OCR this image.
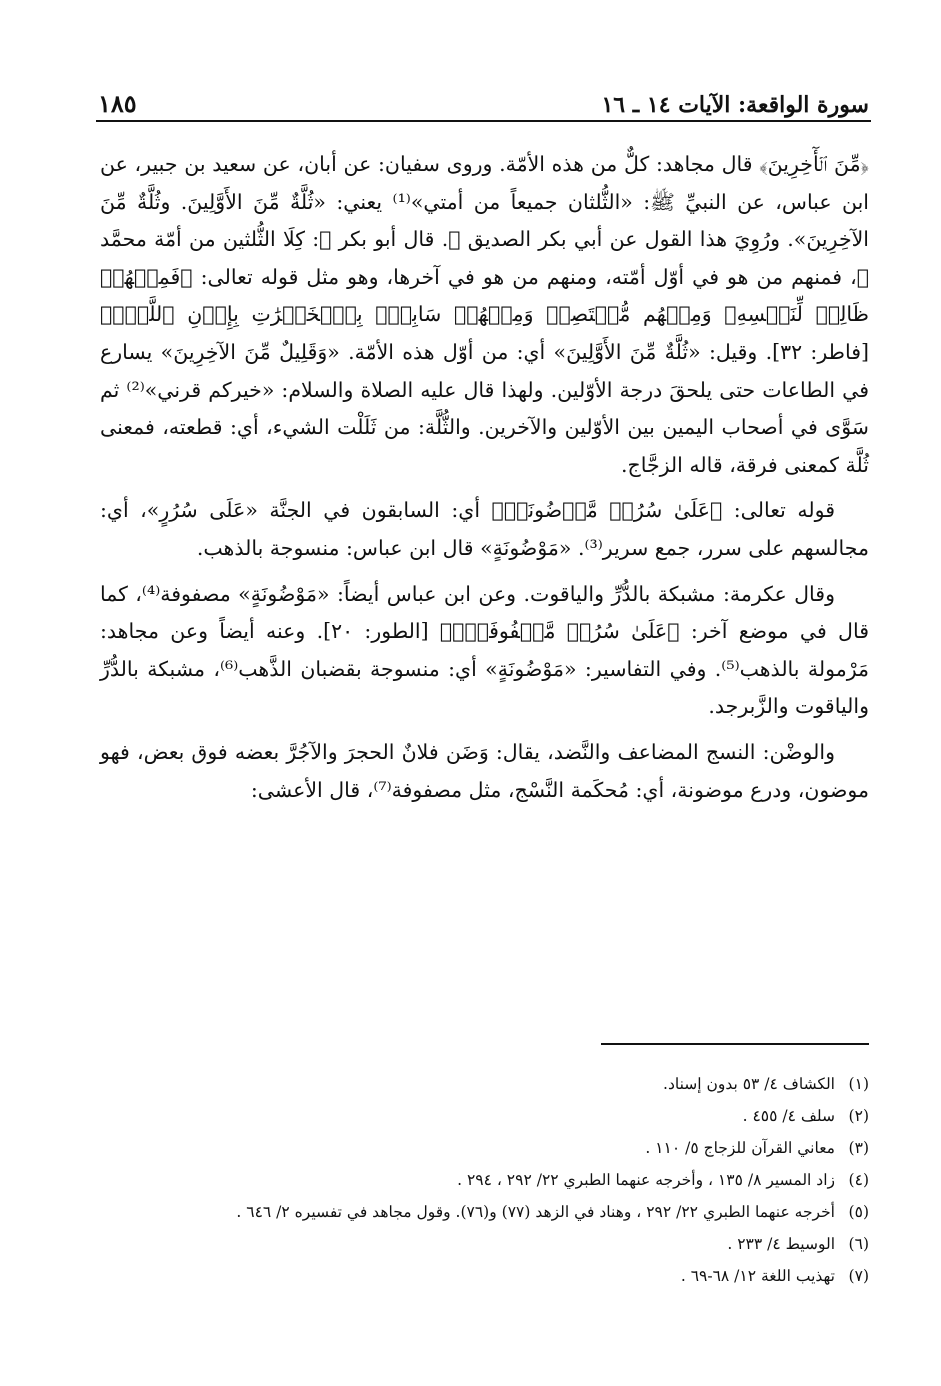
سورة الواقعة: الآيات ١٤ ـ ١٦
١٨٥

﴿مِّنَ ٱلۡأٓخِرِينَ﴾ قال مجاهد: كلٌّ من هذه الأمّة. وروى سفيان: عن أبان، عن سعيد بن جبير، عن ابن عباس، عن النبيِّ ﷺ: «الثُّلثان جميعاً من أمتي»⁽¹⁾ يعني: «ثُلَّةٌ مِّنَ الأَوَّلِينَ. وثُلَّةٌ مِّنَ الآخِرِينَ». ورُوِيَ هذا القول عن أبي بكر الصديق ﷺ. قال أبو بكر ﷺ: كِلَا الثُّلثين من أمّة محمَّد ﷺ، فمنهم من هو في أوّل أمّته، ومنهم من هو في آخرها، وهو مثل قوله تعالى: ﴿فَمِنۡهُمۡ ظَالِمٞ لِّنَفۡسِهِۦ وَمِنۡهُم مُّقۡتَصِدٞ وَمِنۡهُمۡ سَابِقُۢ بِٱلۡخَيۡرَٰتِ بِإِذۡنِ ٱللَّهِۚ﴾ [فاطر: ٣٢]. وقيل: «ثُلَّةٌ مِّنَ الأَوَّلِينَ» أي: من أوّل هذه الأمّة. «وَقَلِيلٌ مِّنَ الآخِرِينَ» يسارع في الطاعات حتى يلحقَ درجة الأوّلين. ولهذا قال عليه الصلاة والسلام: «خيركم قرني»⁽²⁾ ثم سَوَّى في أصحاب اليمين بين الأوّلين والآخرين. والثُّلَّة: من ثَلَلْت الشيء، أي: قطعته، فمعنى ثُلَّة كمعنى فرقة، قاله الزجَّاج.

قوله تعالى: ﴿عَلَىٰ سُرُرٖ مَّوۡضُونَةٖ﴾ أي: السابقون في الجنَّة «عَلَى سُرُرٍ»، أي: مجالسهم على سرر، جمع سرير⁽³⁾. «مَوْضُونَةٍ» قال ابن عباس: منسوجة بالذهب.

وقال عكرمة: مشبكة بالدُّرِّ والياقوت. وعن ابن عباس أيضاً: «مَوْضُونَةٍ» مصفوفة⁽⁴⁾، كما قال في موضع آخر: ﴿عَلَىٰ سُرُرٖ مَّصۡفُوفَةٖۖ﴾ [الطور: ٢٠]. وعنه أيضاً وعن مجاهد: مَرْمولة بالذهب⁽⁵⁾. وفي التفاسير: «مَوْضُونَةٍ» أي: منسوجة بقضبان الذَّهب⁽⁶⁾، مشبكة بالدُّرِّ والياقوت والزَّبرجد.

والوضْن: النسج المضاعف والنَّضد، يقال: وَضَن فلانٌ الحجرَ والآجُرَّ بعضه فوق بعض، فهو موضون، ودرع موضونة، أي: مُحكَمة النَّسْج، مثل مصفوفة⁽⁷⁾، قال الأعشى:

(١)
الكشاف ٤/ ٥٣ بدون إسناد.
(٢)
سلف ٤/ ٤٥٥ .
(٣)
معاني القرآن للزجاج ٥/ ١١٠ .
(٤)
زاد المسير ٨/ ١٣٥ ، وأخرجه عنهما الطبري ٢٢/ ٢٩٢ ، ٢٩٤ .
(٥)
أخرجه عنهما الطبري ٢٢/ ٢٩٢ ، وهناد في الزهد (٧٧) و(٧٦). وقول مجاهد في تفسيره ٢/ ٦٤٦ .
(٦)
الوسيط ٤/ ٢٣٣ .
(٧)
تهذيب اللغة ١٢/ ٦٨-٦٩ .
